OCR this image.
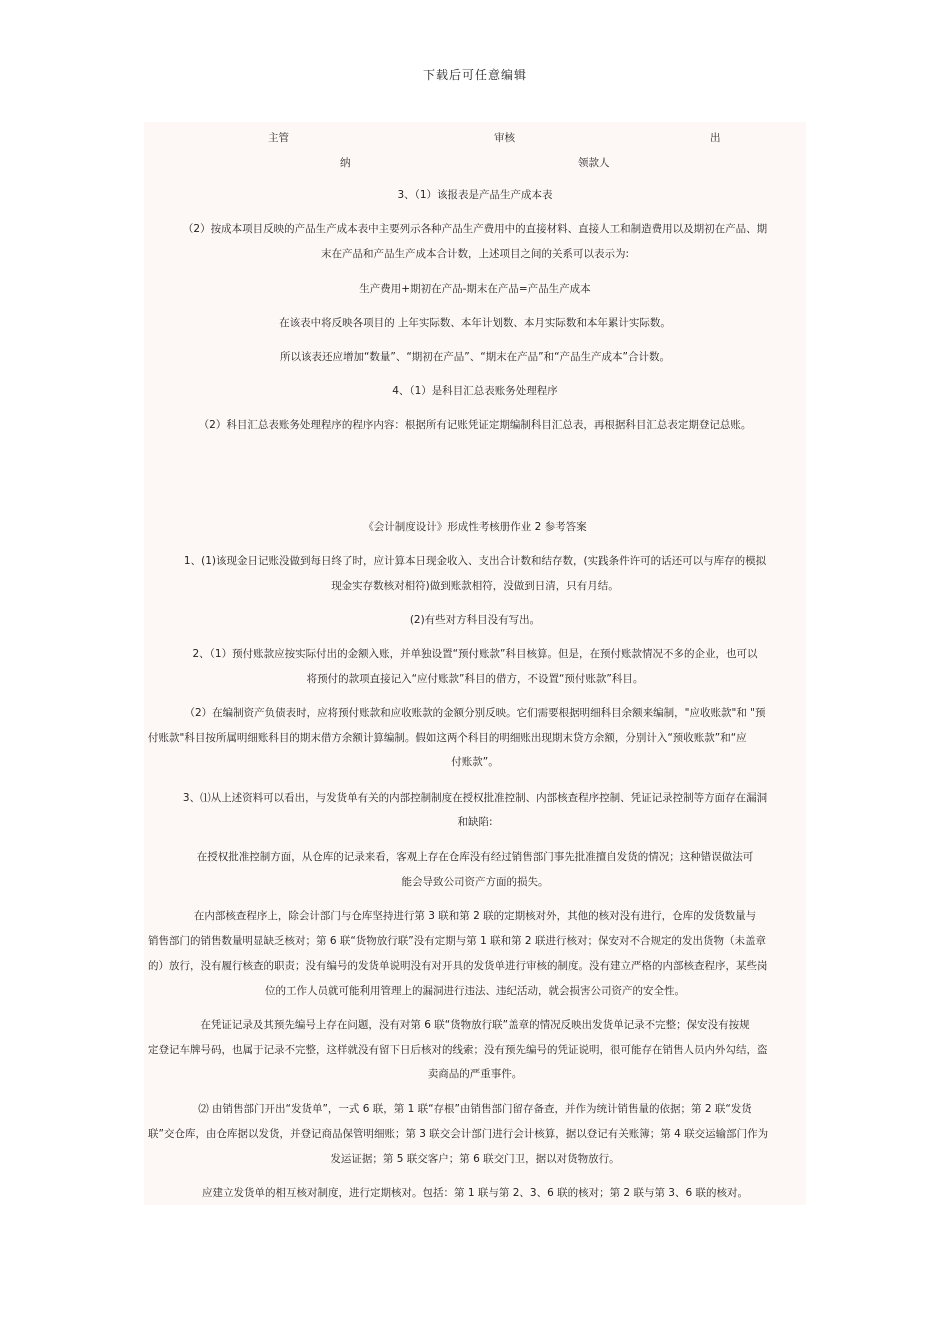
下载后可任意编辑
主管	审核	出
纳	领款人
3、（1）该报表是产品生产成本表
（2）按成本项目反映的产品生产成本表中主要列示各种产品生产费用中的直接材料、直接人工和制造费用以及期初在产品、期
末在产品和产品生产成本合计数，上述项目之间的关系可以表示为:
生产费用+期初在产品-期末在产品=产品生产成本
在该表中将反映各项目的 上年实际数、本年计划数、本月实际数和本年累计实际数。
所以该表还应增加“数量”、“期初在产品”、“期末在产品”和“产品生产成本”合计数。
4、（1）是科目汇总表账务处理程序
（2）科目汇总表账务处理程序的程序内容：根据所有记账凭证定期编制科目汇总表，再根据科目汇总表定期登记总账。
《会计制度设计》形成性考核册作业 2 参考答案
1、(1)该现金日记账没做到每日终了时，应计算本日现金收入、支出合计数和结存数，(实践条件许可的话还可以与库存的模拟
现金实存数核对相符)做到账款相符，没做到日清，只有月结。
(2)有些对方科目没有写出。
2、（1）预付账款应按实际付出的金额入账，并单独设置“预付账款”科目核算。但是，在预付账款情况不多的企业，也可以
将预付的款项直接记入“应付账款”科目的借方，不设置“预付账款”科目。
（2）在编制资产负债表时，应将预付账款和应收账款的金额分别反映。它们需要根据明细科目余额来编制，"应收账款"和 "预
付账款"科目按所属明细账科目的期末借方余额计算编制。假如这两个科目的明细账出现期末贷方余额，分别计入“预收账款”和“应
付账款”。
3、⑴从上述资料可以看出，与发货单有关的内部控制制度在授权批准控制、内部核查程序控制、凭证记录控制等方面存在漏洞
和缺陷:
在授权批准控制方面，从仓库的记录来看，客观上存在仓库没有经过销售部门事先批准擅自发货的情况；这种错误做法可
能会导致公司资产方面的损失。
在内部核查程序上，除会计部门与仓库坚持进行第 3 联和第 2 联的定期核对外，其他的核对没有进行，仓库的发货数量与
销售部门的销售数量明显缺乏核对；第 6 联“货物放行联”没有定期与第 1 联和第 2 联进行核对；保安对不合规定的发出货物（未盖章
的）放行，没有履行核查的职责；没有编号的发货单说明没有对开具的发货单进行审核的制度。没有建立严格的内部核查程序，某些岗
位的工作人员就可能利用管理上的漏洞进行违法、违纪活动，就会损害公司资产的安全性。
在凭证记录及其预先编号上存在问题，没有对第 6 联“货物放行联”盖章的情况反映出发货单记录不完整；保安没有按规
定登记车牌号码，也属于记录不完整，这样就没有留下日后核对的线索；没有预先编号的凭证说明，很可能存在销售人员内外勾结，盗
卖商品的严重事件。
⑵ 由销售部门开出“发货单”，一式 6 联，第 1 联“存根”由销售部门留存备查，并作为统计销售量的依据；第 2 联“发货
联”交仓库，由仓库据以发货，并登记商品保管明细账；第 3 联交会计部门进行会计核算，据以登记有关账簿；第 4 联交运输部门作为
发运证据；第 5 联交客户；第 6 联交门卫，据以对货物放行。
应建立发货单的相互核对制度，进行定期核对。包括：第 1 联与第 2、3、6 联的核对；第 2 联与第 3、6 联的核对。
